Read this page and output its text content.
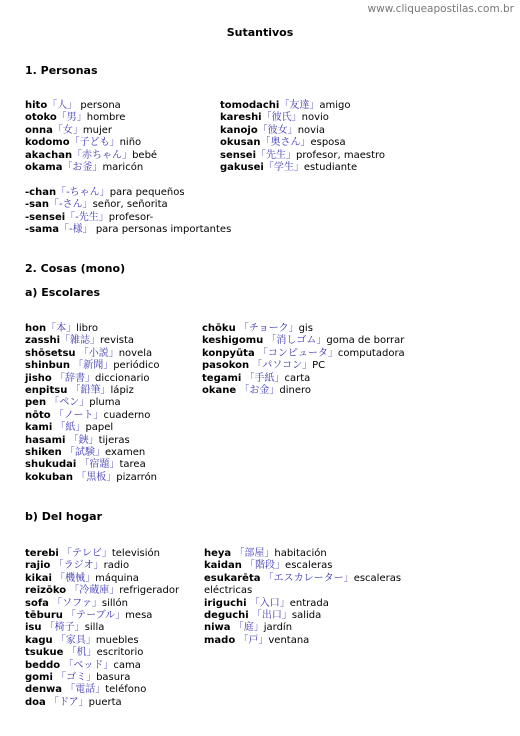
www.cliqueapostilas.com.br
Sutantivos
1. Personas
hito「人」 persona
otoko「男」hombre
onna「女」mujer
kodomo「子ども」niño
akachan「赤ちゃん」bebé
okama「お釜」maricón
tomodachi「友達」amigo
kareshi「彼氏」novio
kanojo「彼女」novia
okusan「奥さん」esposa
sensei「先生」profesor, maestro
gakusei「学生」estudiante
-chan「-ちゃん」para pequeños
-san「-さん」señor, señorita
-sensei「-先生」profesor-
-sama「-様」 para personas importantes
2. Cosas (mono)
a) Escolares
hon「本」libro
zasshi「雑誌」revista
shōsetsu 「小説」novela
shinbun 「新聞」periódico
jisho 「辞書」diccionario
enpitsu 「鉛筆」lápiz
pen 「ペン」pluma
nōto 「ノート」cuaderno
kami 「紙」papel
hasami 「鋏」tijeras
shiken 「試験」examen
shukudai 「宿題」tarea
kokuban 「黒板」pizarrón
chōku 「チョーク」gis
keshigomu 「消しゴム」goma de borrar
konpyūta 「コンピュータ」computadora
pasokon 「パソコン」PC
tegami 「手紙」carta
okane 「お金」dinero
b) Del hogar
terebi 「テレビ」televisión
rajio 「ラジオ」radio
kikai 「機械」máquina
reizōko 「冷蔵庫」refrigerador
sofa 「ソファ」sillón
tēburu 「テーブル」mesa
isu 「椅子」silla
kagu 「家具」muebles
tsukue 「机」escritorio
beddo 「ベッド」cama
gomi 「ゴミ」basura
denwa 「電話」teléfono
doa 「ドア」puerta
heya 「部屋」habitación
kaidan 「階段」escaleras
esukarēta 「エスカレーター」escaleras
eléctricas
iriguchi 「入口」entrada
deguchi 「出口」salida
niwa 「庭」jardín
mado 「戸」ventana
